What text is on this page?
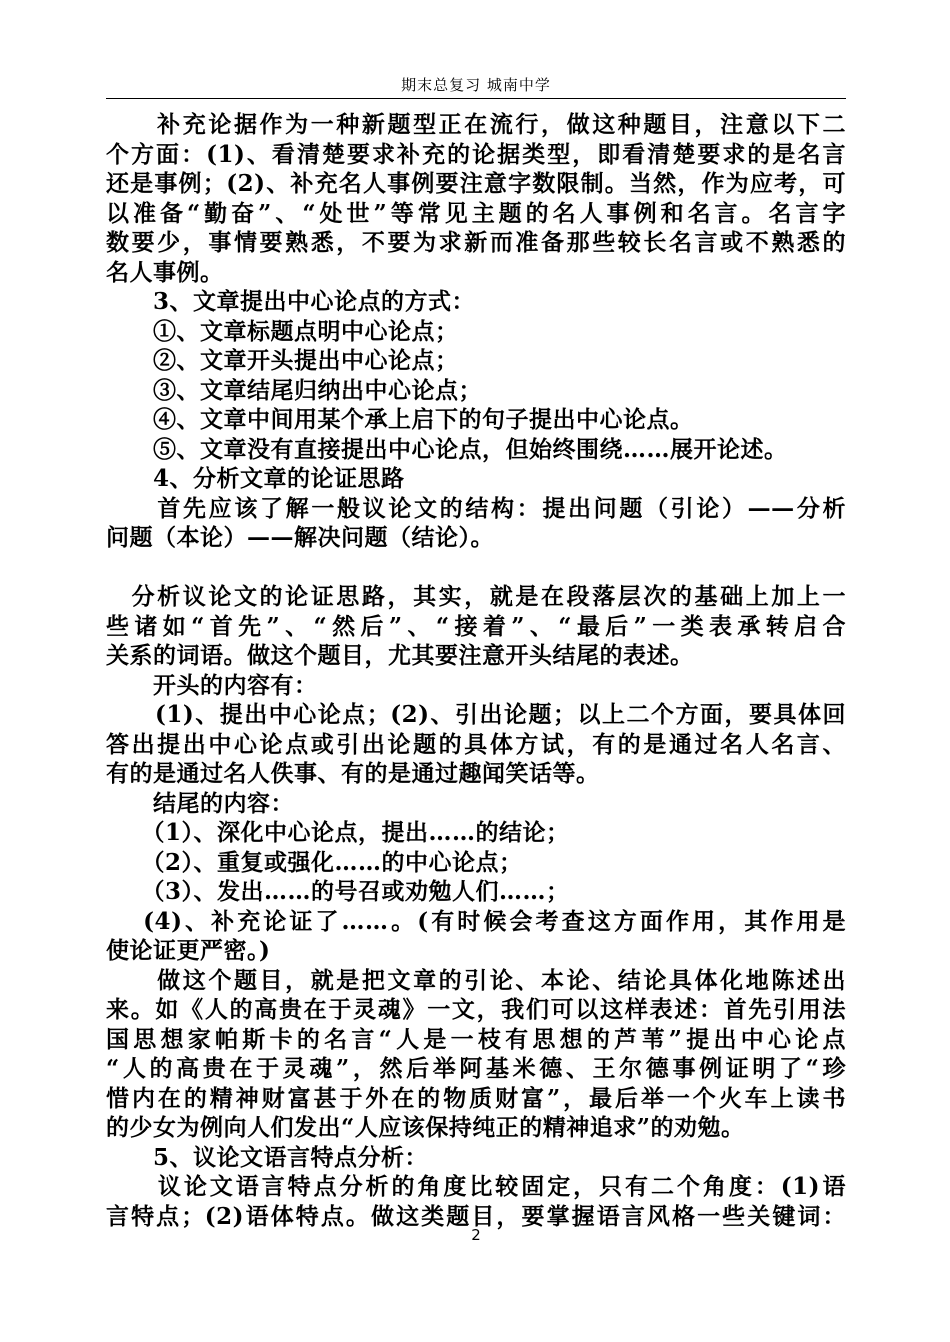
期末总复习 城南中学
　　补充论据作为一种新题型正在流行，做这种题目，注意以下二
个方面：(1)、看清楚要求补充的论据类型，即看清楚要求的是名言
还是事例；(2)、补充名人事例要注意字数限制。当然，作为应考，可
以准备“勤奋”、“处世”等常见主题的名人事例和名言。名言字
数要少，事情要熟悉，不要为求新而准备那些较长名言或不熟悉的
名人事例。
　　3、文章提出中心论点的方式：
　　①、文章标题点明中心论点；
　　②、文章开头提出中心论点；
　　③、文章结尾归纳出中心论点；
　　④、文章中间用某个承上启下的句子提出中心论点。
　　⑤、文章没有直接提出中心论点，但始终围绕……展开论述。
　　4、分析文章的论证思路
　　首先应该了解一般议论文的结构：提出问题（引论）——分析
问题（本论）——解决问题（结论）。
　分析议论文的论证思路，其实，就是在段落层次的基础上加上一
些诸如“首先”、“然后”、“接着”、“最后”一类表承转启合
关系的词语。做这个题目，尤其要注意开头结尾的表述。
　　开头的内容有：
　　(1)、提出中心论点；(2)、引出论题；以上二个方面，要具体回
答出提出中心论点或引出论题的具体方试，有的是通过名人名言、
有的是通过名人佚事、有的是通过趣闻笑话等。
　　结尾的内容：
　　（1）、深化中心论点，提出……的结论；
　　（2）、重复或强化……的中心论点；
　　（3）、发出……的号召或劝勉人们……；
　 (4)、补充论证了……。(有时候会考查这方面作用，其作用是
使论证更严密。)
　　做这个题目，就是把文章的引论、本论、结论具体化地陈述出
来。如《人的高贵在于灵魂》一文，我们可以这样表述：首先引用法
国思想家帕斯卡的名言“人是一枝有思想的芦苇”提出中心论点
“人的高贵在于灵魂”，然后举阿基米德、王尔德事例证明了“珍
惜内在的精神财富甚于外在的物质财富”，最后举一个火车上读书
的少女为例向人们发出“人应该保持纯正的精神追求”的劝勉。
　　5、议论文语言特点分析：
　　议论文语言特点分析的角度比较固定，只有二个角度：(1)语
言特点；(2)语体特点。做这类题目，要掌握语言风格一些关键词：
2
